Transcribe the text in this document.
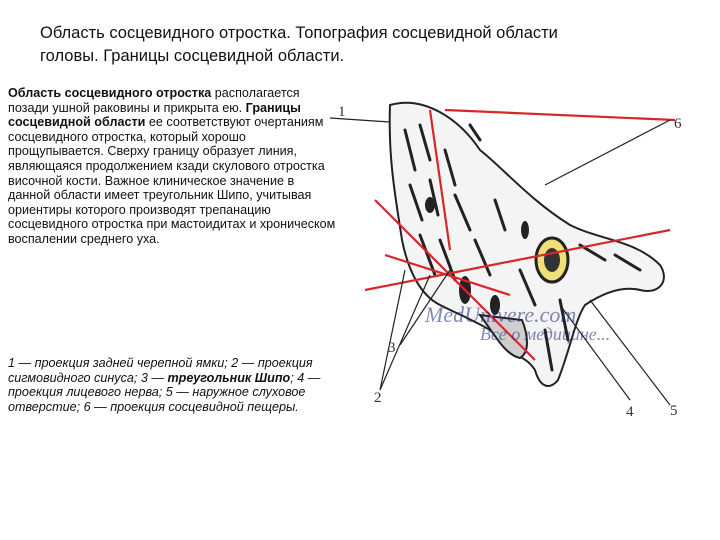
Область сосцевидного отростка. Топография сосцевидной области головы. Границы сосцевидной области.
Область сосцевидного отростка располагается позади ушной раковины и прикрыта ею. Границы сосцевидной области ее соответствуют очертаниям сосцевидного отростка, который хорошо прощупывается. Сверху границу образует линия, являющаяся продолжением кзади скулового отростка височной кости. Важное клиническое значение в данной области имеет треугольник Шипо, учитывая ориентиры которого производят трепанацию сосцевидного отростка при мастоидитах и хроническом воспалении среднего уха.
1 — проекция задней черепной ямки; 2 — проекция сигмовидного синуса; 3 — треугольник Шипо; 4 — проекция лицевого нерва; 5 — наружное слуховое отверстие; 6 — проекция сосцевидной пещеры.
1
2
3
4 5
6
MedUnivere.com
Все о медицине...
